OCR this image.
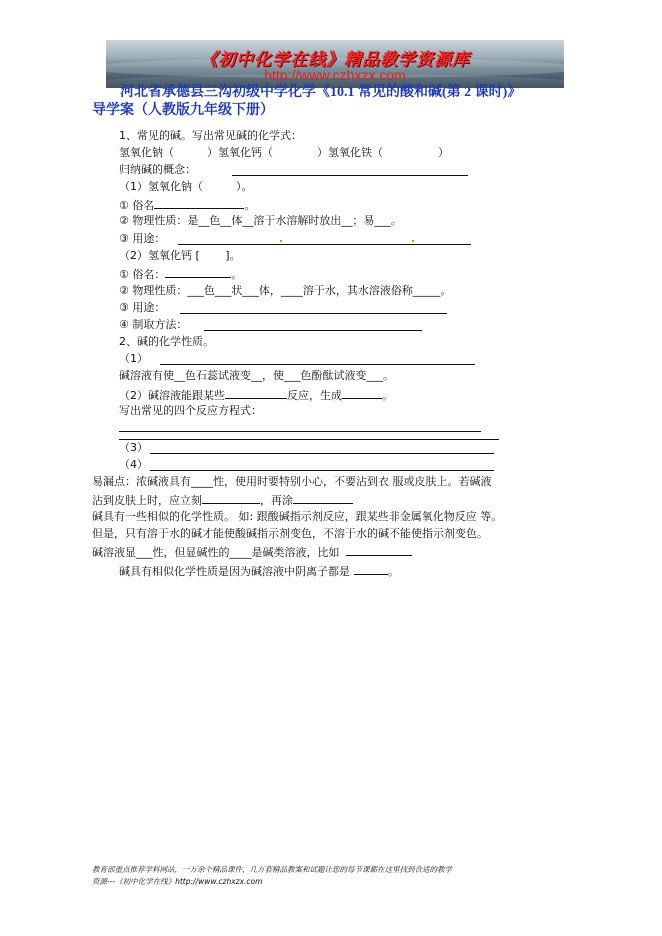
《初中化学在线》精品教学资源库
http://www.czhxzx.com
河北省承德县三沟初级中学化学《10.1 常见的酸和碱(第 2 课时)》
导学案（人教版九年级下册）
1、常见的碱。写出常见碱的化学式：
氢氧化钠（　　　）氢氧化钙（　　　　）氢氧化铁（　　　　　）
归纳碱的概念：
（1）氢氧化钠（　　　）。
① 俗名	。
② 物理性质：是__色__体__溶于水溶解时放出__；易___。
③ 用途：
（2）氢氧化钙 [　　 ]。
① 俗名：	。
② 物理性质：___色___状___体，____溶于水，其水溶液俗称_____。
③ 用途：
④ 制取方法：
2、碱的化学性质。
（1）
碱溶液有使__色石蕊试液变__，使___色酚酞试液变___。
（2）碱溶液能跟某些	反应，生成	。
写出常见的四个反应方程式：
（3）
（4）
易漏点：浓碱液具有____性，使用时要特别小心，不要沾到衣 服或皮肤上。若碱液
沾到皮肤上时，应立刻	，再涂
碱具有一些相似的化学性质。 如: 跟酸碱指示剂反应，跟某些非金属氧化物反应 等。
但是，只有溶于水的碱才能使酸碱指示剂变色，不溶于水的碱不能使指示剂变色。
碱溶液显___性，但显碱性的____是碱类溶液，比如
碱具有相似化学性质是因为碱溶液中阴离子都是	。
教育部重点推荐学科网站，一万余个精品课件，几万套精品教案和试题让您的每节课都在这里找到合适的教学
资源---《初中化学在线》http://www.czhxzx.com
